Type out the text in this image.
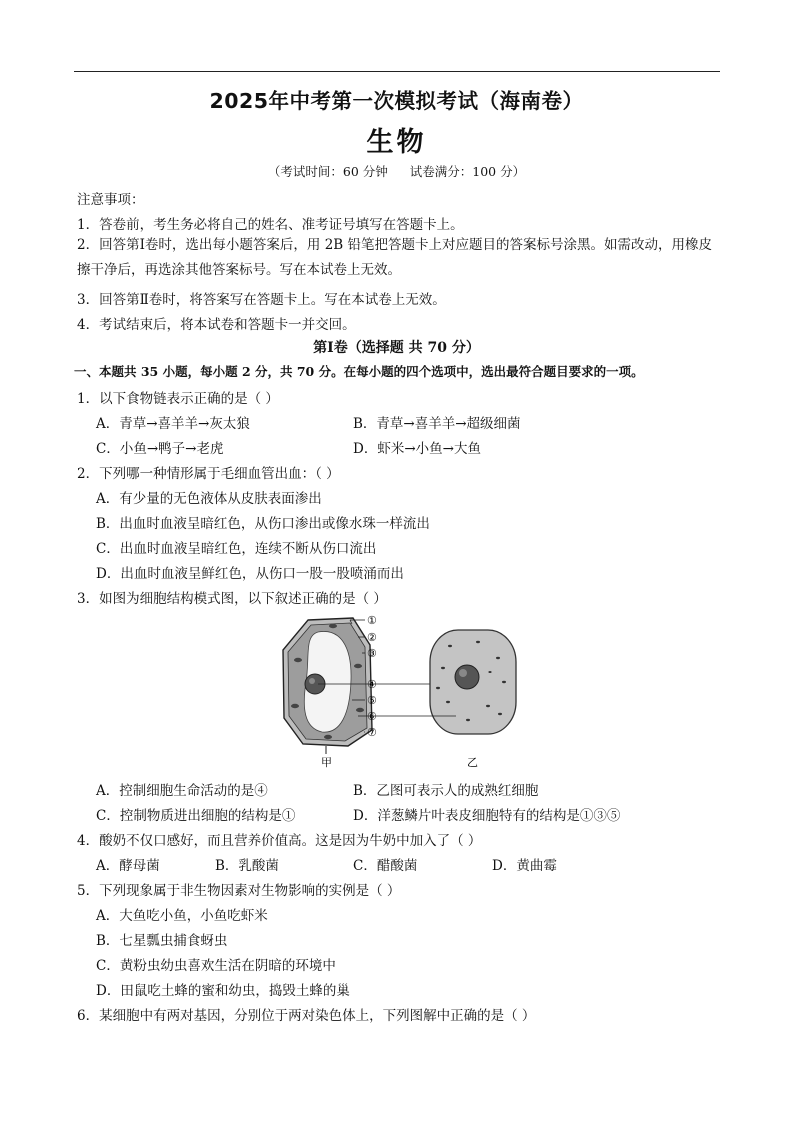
2025年中考第一次模拟考试（海南卷）
生物
（考试时间：60 分钟 试卷满分：100 分）
注意事项：
1．答卷前，考生务必将自己的姓名、准考证号填写在答题卡上。
2．回答第Ⅰ卷时，选出每小题答案后，用 2B 铅笔把答题卡上对应题目的答案标号涂黑。如需改动，用橡皮擦干净后，再选涂其他答案标号。写在本试卷上无效。
3．回答第Ⅱ卷时，将答案写在答题卡上。写在本试卷上无效。
4．考试结束后，将本试卷和答题卡一并交回。
第Ⅰ卷（选择题 共 70 分）
一、本题共 35 小题，每小题 2 分，共 70 分。在每小题的四个选项中，选出最符合题目要求的一项。
1．以下食物链表示正确的是（ ）
A．青草→喜羊羊→灰太狼	B．青草→喜羊羊→超级细菌
C．小鱼→鸭子→老虎	D．虾米→小鱼→大鱼
2．下列哪一种情形属于毛细血管出血：（ ）
A．有少量的无色液体从皮肤表面渗出
B．出血时血液呈暗红色，从伤口渗出或像水珠一样流出
C．出血时血液呈暗红色，连续不断从伤口流出
D．出血时血液呈鲜红色，从伤口一股一股喷涌而出
3．如图为细胞结构模式图，以下叙述正确的是（ ）
①
②
③
④
⑤
⑥
⑦
甲	乙
A．控制细胞生命活动的是④	B．乙图可表示人的成熟红细胞
C．控制物质进出细胞的结构是①	D．洋葱鳞片叶表皮细胞特有的结构是①③⑤
4．酸奶不仅口感好，而且营养价值高。这是因为牛奶中加入了（ ）
A．酵母菌	B．乳酸菌	C．醋酸菌	D．黄曲霉
5．下列现象属于非生物因素对生物影响的实例是（ ）
A．大鱼吃小鱼，小鱼吃虾米
B．七星瓢虫捕食蚜虫
C．黄粉虫幼虫喜欢生活在阴暗的环境中
D．田鼠吃土蜂的蜜和幼虫，捣毁土蜂的巢
6．某细胞中有两对基因，分别位于两对染色体上，下列图解中正确的是（ ）
